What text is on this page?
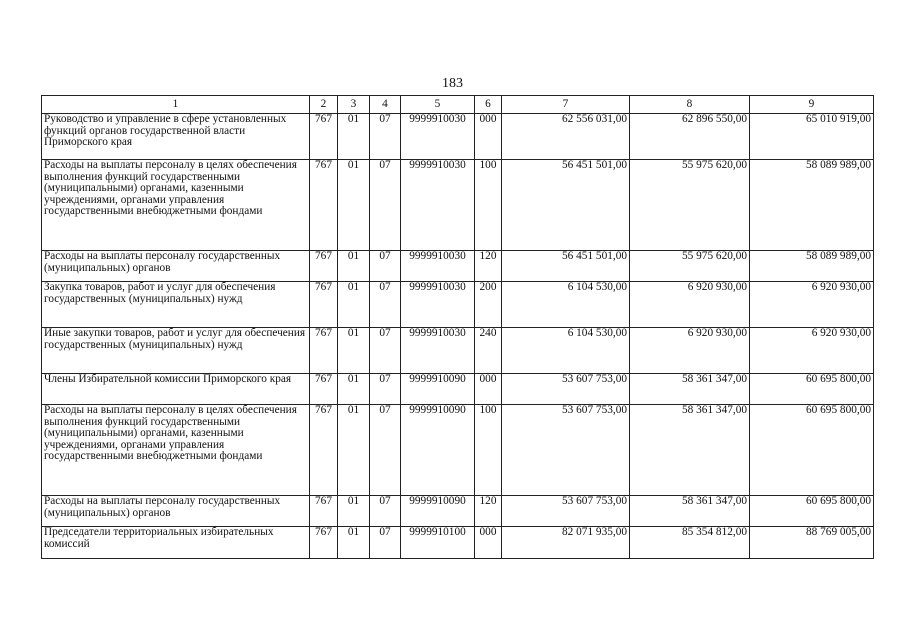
183
1	2	3	4	5	6	7	8	9
Руководство и управление в сфере установленных функций органов государственной власти Приморского края	767	01	07	9999910030	000	62 556 031,00	62 896 550,00	65 010 919,00
Расходы на выплаты персоналу в целях обеспечения выполнения функций государственными (муниципальными) органами, казенными учреждениями, органами управления государственными внебюджетными фондами	767	01	07	9999910030	100	56 451 501,00	55 975 620,00	58 089 989,00
Расходы на выплаты персоналу государственных (муниципальных) органов	767	01	07	9999910030	120	56 451 501,00	55 975 620,00	58 089 989,00
Закупка товаров, работ и услуг для обеспечения государственных (муниципальных) нужд	767	01	07	9999910030	200	6 104 530,00	6 920 930,00	6 920 930,00
Иные закупки товаров, работ и услуг для обеспечения государственных (муниципальных) нужд	767	01	07	9999910030	240	6 104 530,00	6 920 930,00	6 920 930,00
Члены Избирательной комиссии Приморского края	767	01	07	9999910090	000	53 607 753,00	58 361 347,00	60 695 800,00
Расходы на выплаты персоналу в целях обеспечения выполнения функций государственными (муниципальными) органами, казенными учреждениями, органами управления государственными внебюджетными фондами	767	01	07	9999910090	100	53 607 753,00	58 361 347,00	60 695 800,00
Расходы на выплаты персоналу государственных (муниципальных) органов	767	01	07	9999910090	120	53 607 753,00	58 361 347,00	60 695 800,00
Председатели территориальных избирательных комиссий	767	01	07	9999910100	000	82 071 935,00	85 354 812,00	88 769 005,00
